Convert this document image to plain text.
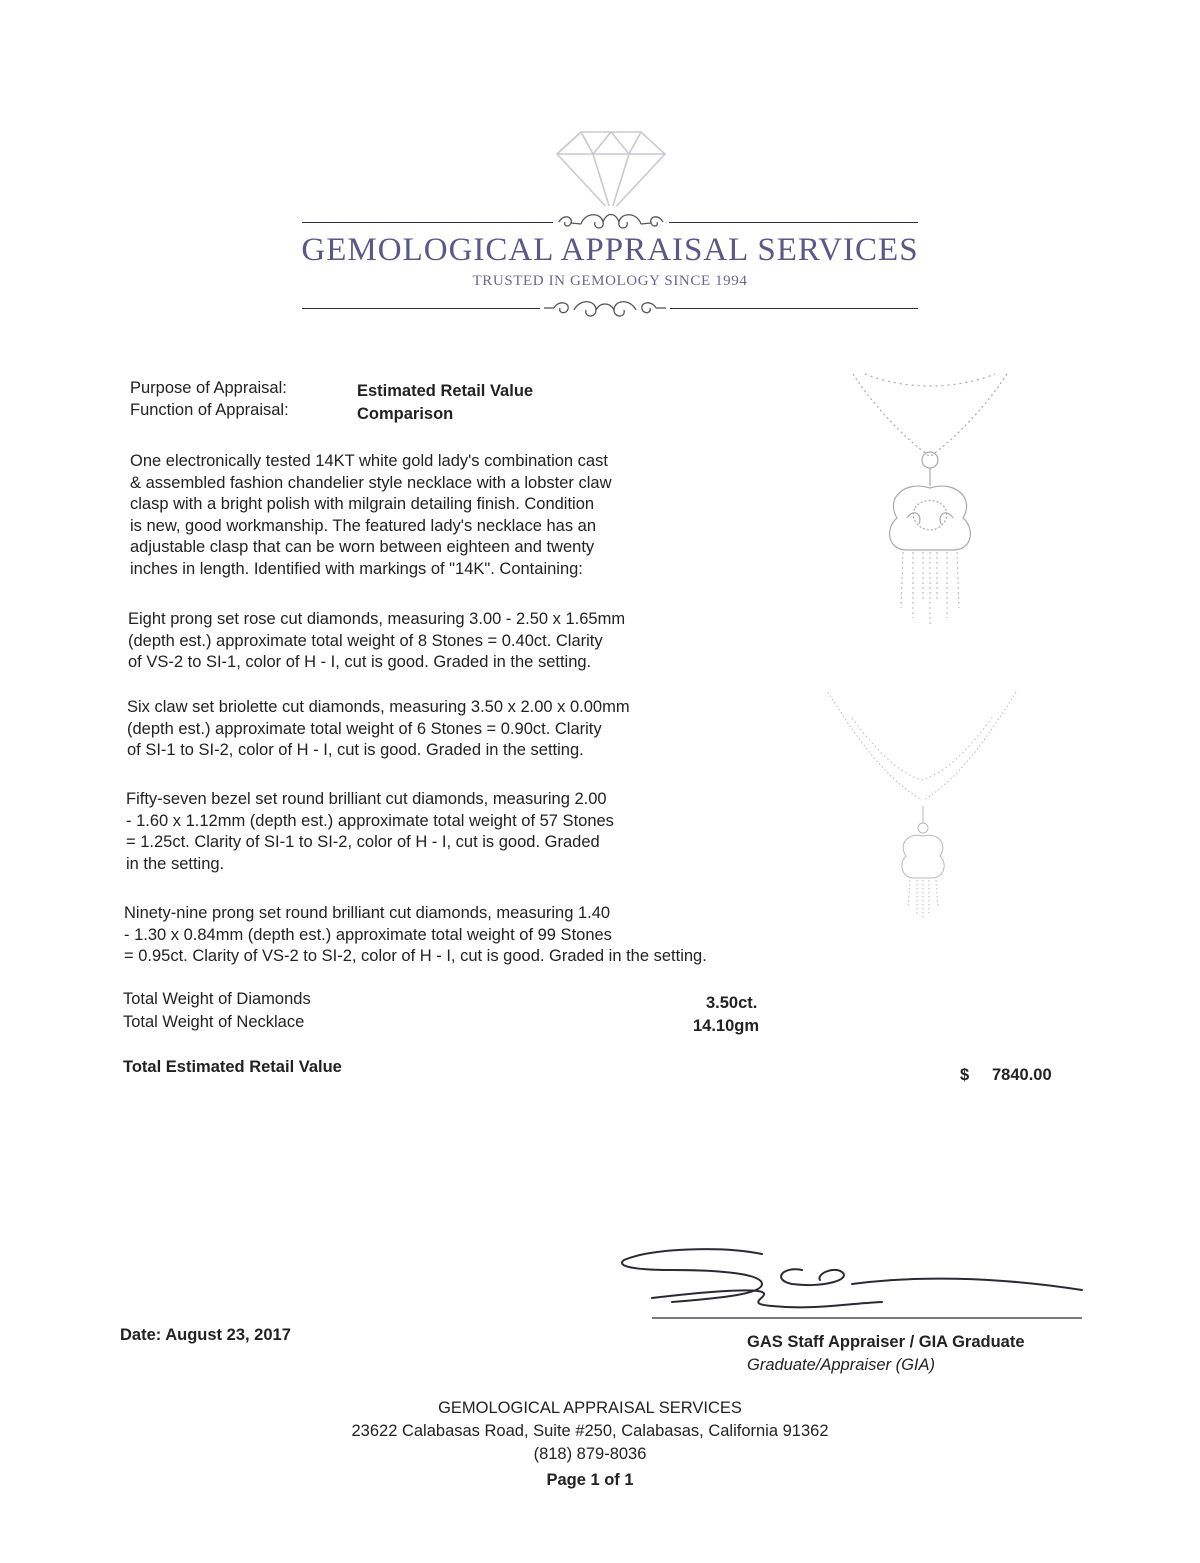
GEMOLOGICAL APPRAISAL SERVICES
TRUSTED IN GEMOLOGY SINCE 1994
Purpose of Appraisal:	Estimated Retail Value
Function of Appraisal:	Comparison
One electronically tested 14KT white gold lady's combination cast
& assembled fashion chandelier style necklace with a lobster claw
clasp with a bright polish with milgrain detailing finish. Condition
is new, good workmanship. The featured lady's necklace has an
adjustable clasp that can be worn between eighteen and twenty
inches in length. Identified with markings of "14K". Containing:
Eight prong set rose cut diamonds, measuring 3.00 - 2.50 x 1.65mm
(depth est.) approximate total weight of 8 Stones = 0.40ct. Clarity
of VS-2 to SI-1, color of H - I, cut is good. Graded in the setting.
Six claw set briolette cut diamonds, measuring 3.50 x 2.00 x 0.00mm
(depth est.) approximate total weight of 6 Stones = 0.90ct. Clarity
of SI-1 to SI-2, color of H - I, cut is good. Graded in the setting.
Fifty-seven bezel set round brilliant cut diamonds, measuring 2.00
- 1.60 x 1.12mm (depth est.) approximate total weight of 57 Stones
= 1.25ct. Clarity of SI-1 to SI-2, color of H - I, cut is good. Graded
in the setting.
Ninety-nine prong set round brilliant cut diamonds, measuring 1.40
- 1.30 x 0.84mm (depth est.) approximate total weight of 99 Stones
= 0.95ct. Clarity of VS-2 to SI-2, color of H - I, cut is good. Graded in the setting.
Total Weight of Diamonds	3.50ct.
Total Weight of Necklace	14.10gm
Total Estimated Retail Value	$ 7840.00
Date: August 23, 2017	GAS Staff Appraiser / GIA Graduate
Graduate/Appraiser (GIA)
GEMOLOGICAL APPRAISAL SERVICES
23622 Calabasas Road, Suite #250, Calabasas, California 91362
(818) 879-8036
Page 1 of 1
